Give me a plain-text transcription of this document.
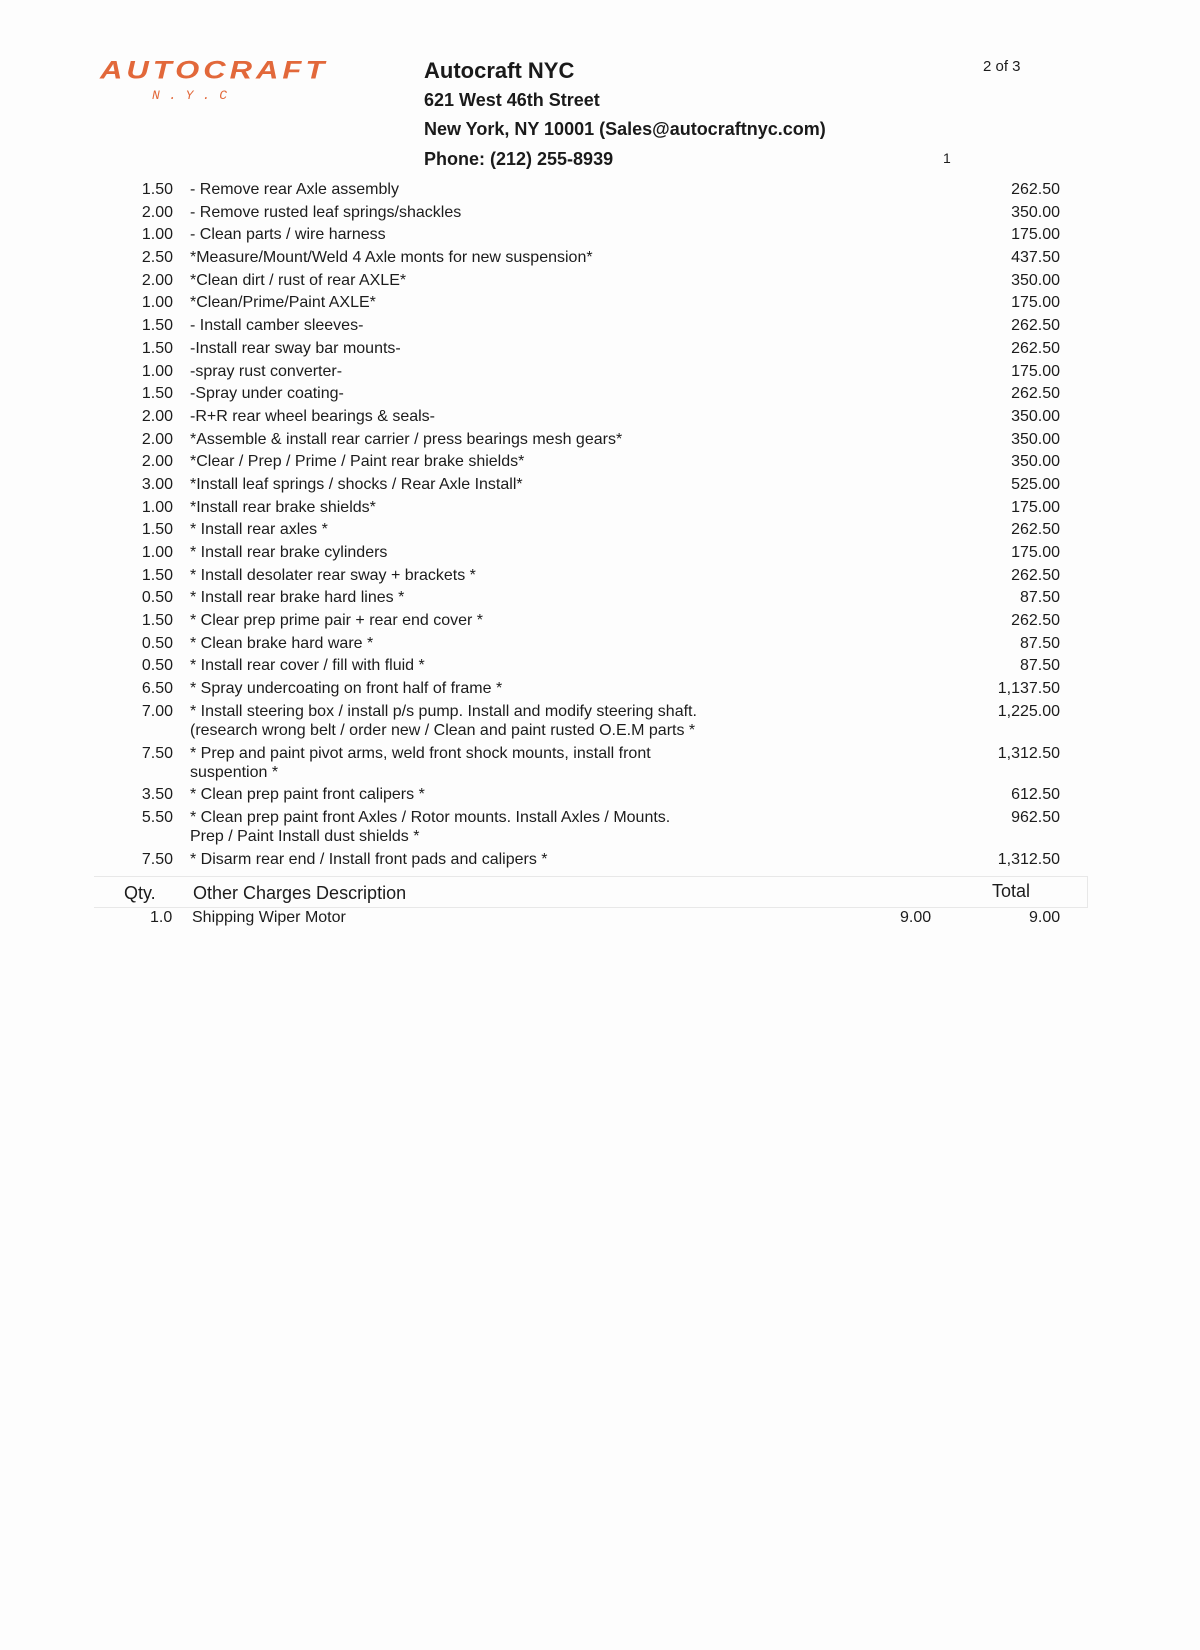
AUTOCRAFT
N.Y.C
Autocraft NYC
621 West 46th Street
New York, NY 10001 (Sales@autocraftnyc.com)
Phone: (212) 255-8939
2 of 3
1
1.50 - Remove rear Axle assembly	262.50
2.00 - Remove rusted leaf springs/shackles	350.00
1.00 - Clean parts / wire harness	175.00
2.50 *Measure/Mount/Weld 4 Axle monts for new suspension*	437.50
2.00 *Clean dirt / rust of rear AXLE*	350.00
1.00 *Clean/Prime/Paint AXLE*	175.00
1.50 - Install camber sleeves-	262.50
1.50 -Install rear sway bar mounts-	262.50
1.00 -spray rust converter-	175.00
1.50 -Spray under coating-	262.50
2.00 -R+R rear wheel bearings & seals-	350.00
2.00 *Assemble & install rear carrier / press bearings mesh gears*	350.00
2.00 *Clear / Prep / Prime / Paint rear brake shields*	350.00
3.00 *Install leaf springs / shocks / Rear Axle Install*	525.00
1.00 *Install rear brake shields*	175.00
1.50 * Install rear axles *	262.50
1.00 * Install rear brake cylinders	175.00
1.50 * Install desolater rear sway + brackets *	262.50
0.50 * Install rear brake hard lines *	87.50
1.50 * Clear prep prime pair + rear end cover *	262.50
0.50 * Clean brake hard ware *	87.50
0.50 * Install rear cover / fill with fluid *	87.50
6.50 * Spray undercoating on front half of frame *	1,137.50
7.00 * Install steering box / install p/s pump. Install and modify steering shaft.
(research wrong belt / order new / Clean and paint rusted O.E.M parts *
1,225.00
7.50 * Prep and paint pivot arms, weld front shock mounts, install front
suspention *
1,312.50
3.50 * Clean prep paint front calipers *	612.50
5.50 * Clean prep paint front Axles / Rotor mounts. Install Axles / Mounts.
Prep / Paint Install dust shields *
962.50
7.50 * Disarm rear end / Install front pads and calipers *	1,312.50
Qty. Other Charges Description	Total
1.0 Shipping Wiper Motor	9.00	9.00
